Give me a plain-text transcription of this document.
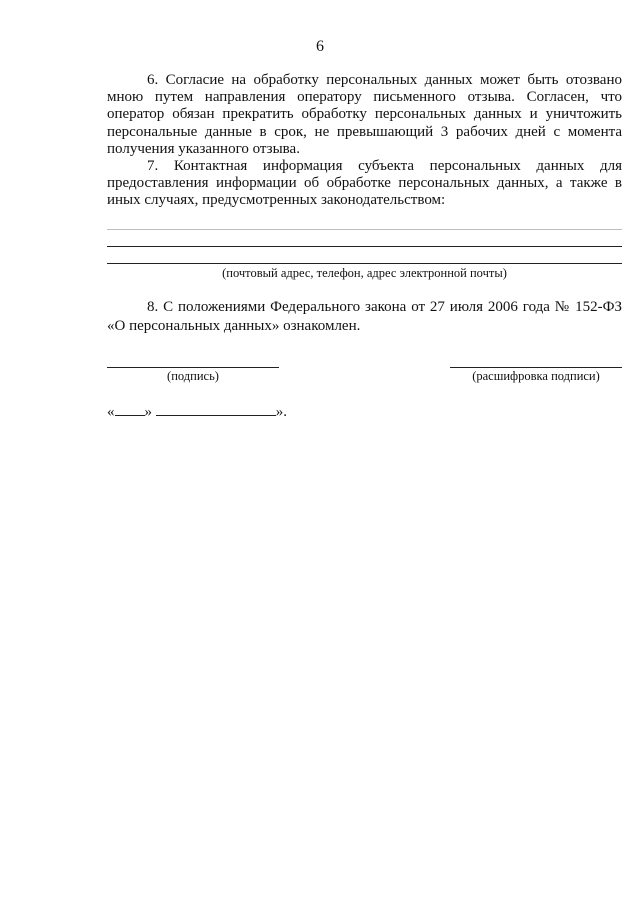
6

6. Согласие на обработку персональных данных может быть отозвано мною путем направления оператору письменного отзыва. Согласен, что оператор обязан прекратить обработку персональных данных и уничтожить персональные данные в срок, не превышающий 3 рабочих дней с момента получения указанного отзыва.

7. Контактная информация субъекта персональных данных для предоставления информации об обработке персональных данных, а также в иных случаях, предусмотренных законодательством:

(почтовый адрес, телефон, адрес электронной почты)

8. С положениями Федерального закона от 27 июля 2006 года № 152-ФЗ «О персональных данных» ознакомлен.

(подпись)	(расшифровка подписи)
« »	».
